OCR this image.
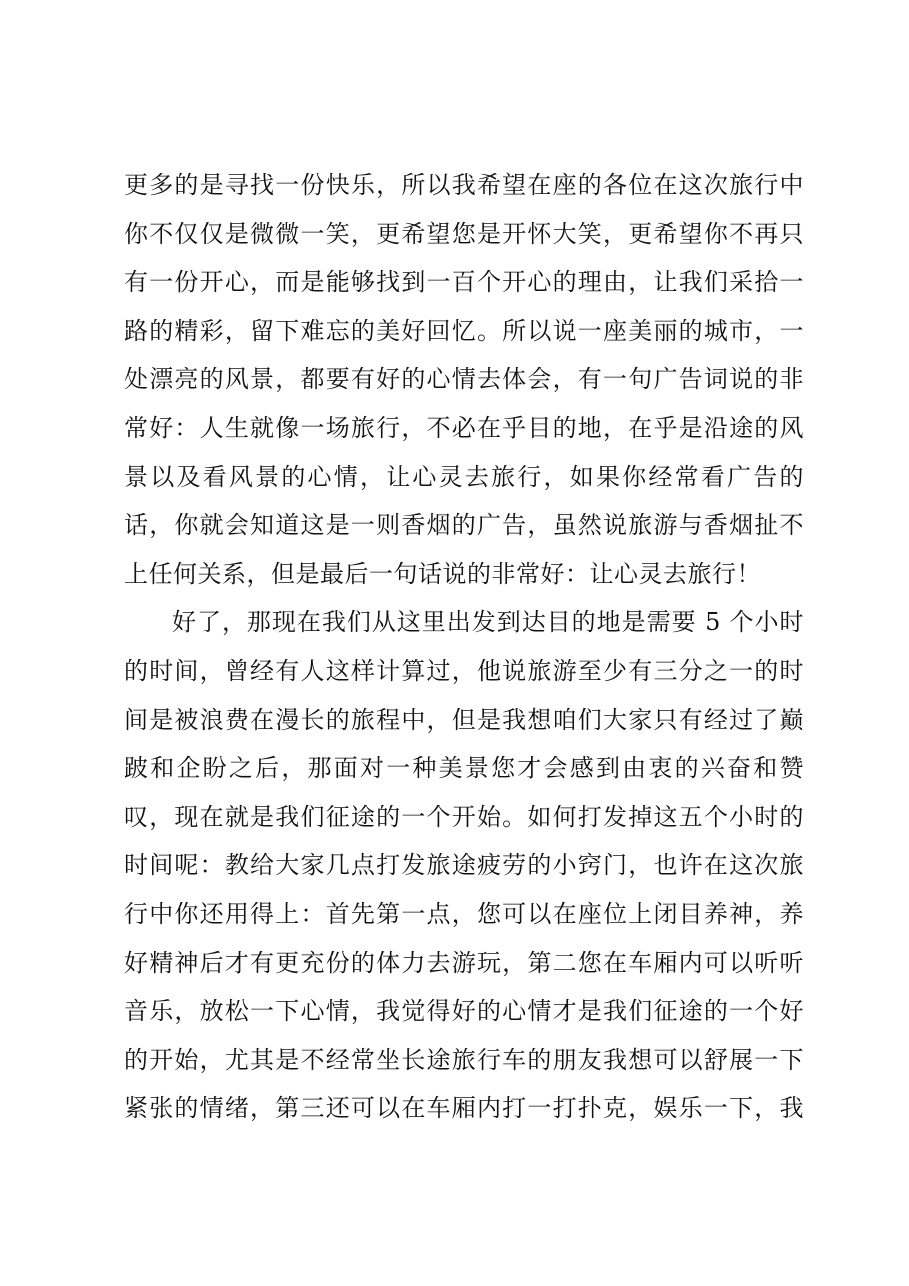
更多的是寻找一份快乐，所以我希望在座的各位在这次旅行中
你不仅仅是微微一笑，更希望您是开怀大笑，更希望你不再只
有一份开心，而是能够找到一百个开心的理由，让我们采拾一
路的精彩，留下难忘的美好回忆。所以说一座美丽的城市，一
处漂亮的风景，都要有好的心情去体会，有一句广告词说的非
常好：人生就像一场旅行，不必在乎目的地，在乎是沿途的风
景以及看风景的心情，让心灵去旅行，如果你经常看广告的
话，你就会知道这是一则香烟的广告，虽然说旅游与香烟扯不
上任何关系，但是最后一句话说的非常好：让心灵去旅行！
好了，那现在我们从这里出发到达目的地是需要 5 个小时
的时间，曾经有人这样计算过，他说旅游至少有三分之一的时
间是被浪费在漫长的旅程中，但是我想咱们大家只有经过了巅
跛和企盼之后，那面对一种美景您才会感到由衷的兴奋和赞
叹，现在就是我们征途的一个开始。如何打发掉这五个小时的
时间呢：教给大家几点打发旅途疲劳的小窍门，也许在这次旅
行中你还用得上：首先第一点，您可以在座位上闭目养神，养
好精神后才有更充份的体力去游玩，第二您在车厢内可以听听
音乐，放松一下心情，我觉得好的心情才是我们征途的一个好
的开始，尤其是不经常坐长途旅行车的朋友我想可以舒展一下
紧张的情绪，第三还可以在车厢内打一打扑克，娱乐一下，我
